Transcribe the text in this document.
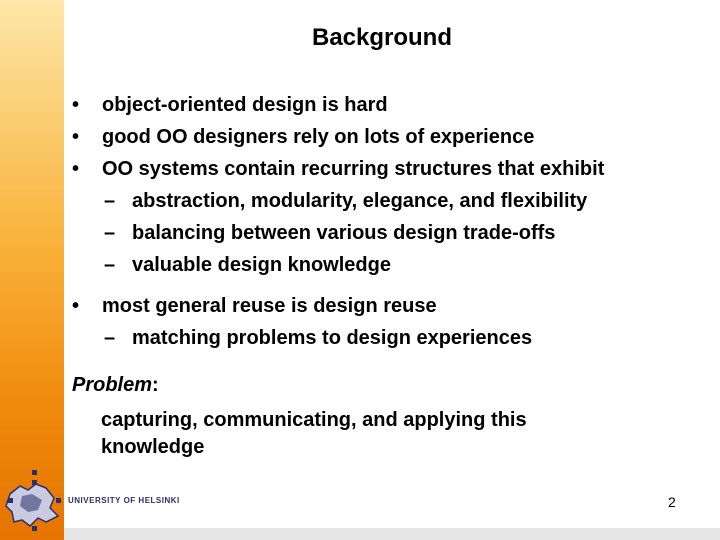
Background
• object-oriented design is hard
• good OO designers rely on lots of experience
• OO systems contain recurring structures that exhibit
– abstraction, modularity, elegance, and flexibility
– balancing between various design trade-offs
– valuable design knowledge
• most general reuse is design reuse
– matching problems to design experiences
Problem:
capturing, communicating, and applying this
knowledge
UNIVERSITY OF HELSINKI	2
